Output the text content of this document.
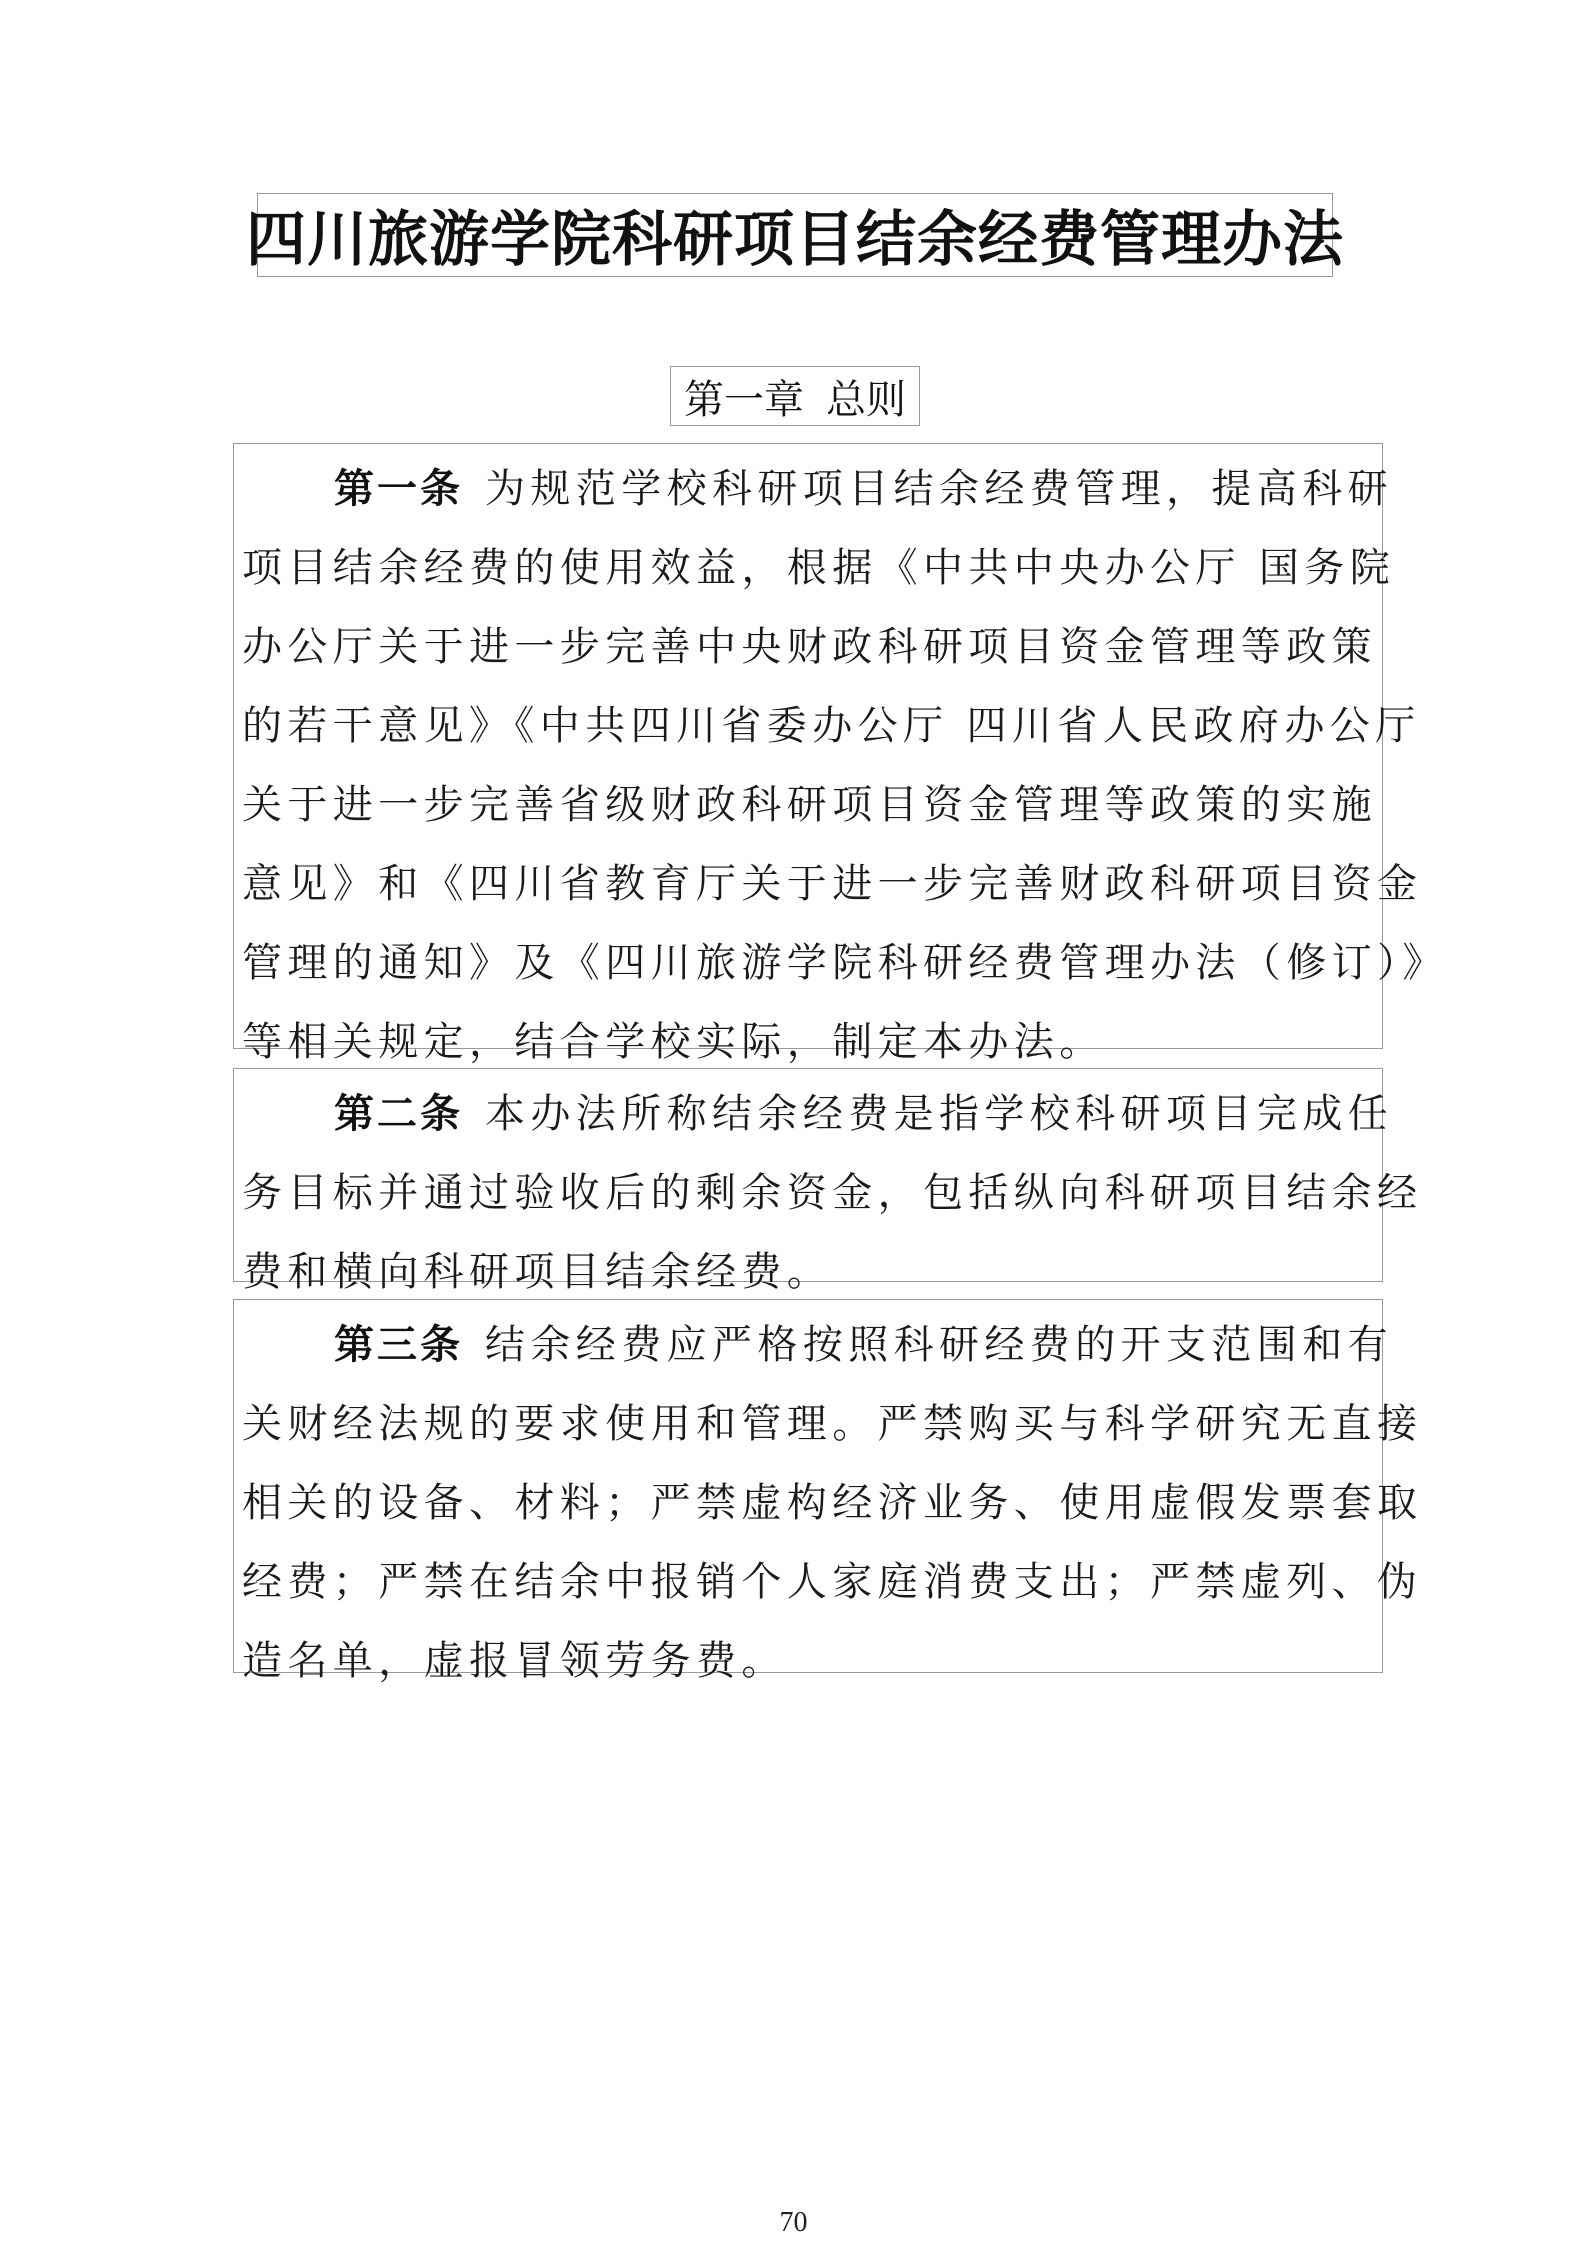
四川旅游学院科研项目结余经费管理办法
第一章 总则
第一条 为规范学校科研项目结余经费管理，提高科研
项目结余经费的使用效益，根据《中共中央办公厅 国务院
办公厅关于进一步完善中央财政科研项目资金管理等政策
的若干意见》《中共四川省委办公厅 四川省人民政府办公厅
关于进一步完善省级财政科研项目资金管理等政策的实施
意见》和《四川省教育厅关于进一步完善财政科研项目资金
管理的通知》及《四川旅游学院科研经费管理办法（修订）》
等相关规定，结合学校实际，制定本办法。
第二条 本办法所称结余经费是指学校科研项目完成任
务目标并通过验收后的剩余资金，包括纵向科研项目结余经
费和横向科研项目结余经费。
第三条 结余经费应严格按照科研经费的开支范围和有
关财经法规的要求使用和管理。严禁购买与科学研究无直接
相关的设备、材料；严禁虚构经济业务、使用虚假发票套取
经费；严禁在结余中报销个人家庭消费支出；严禁虚列、伪
造名单，虚报冒领劳务费。
70
